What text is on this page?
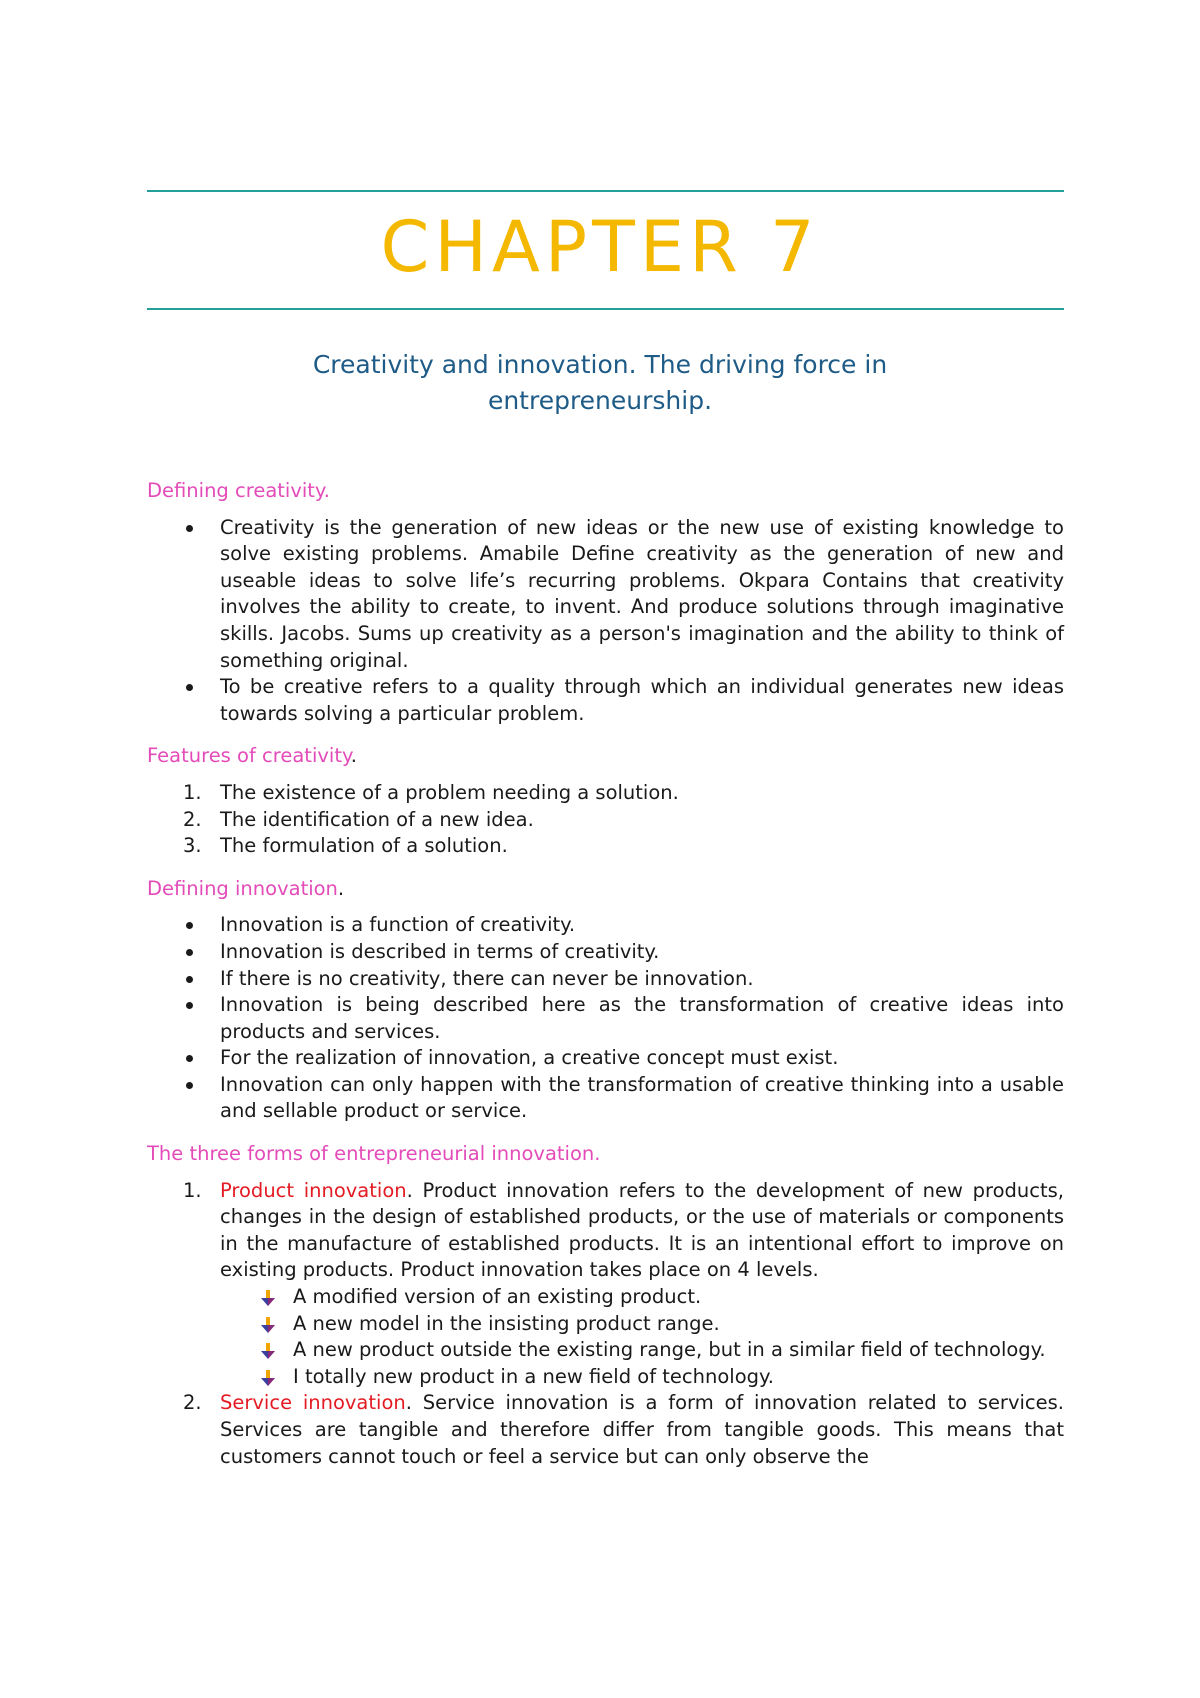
CHAPTER 7
Creativity and innovation. The driving force in
entrepreneurship.

Defining creativity.

Creativity is the generation of new ideas or the new use of existing knowledge to solve existing problems. Amabile Define creativity as the generation of new and useable ideas to solve life’s recurring problems. Okpara Contains that creativity involves the ability to create, to invent. And produce solutions through imaginative skills. Jacobs. Sums up creativity as a person's imagination and the ability to think of something original.
To be creative refers to a quality through which an individual generates new ideas towards solving a particular problem.

Features of creativity.

1. The existence of a problem needing a solution.
2. The identification of a new idea.
3. The formulation of a solution.

Defining innovation.

Innovation is a function of creativity.
Innovation is described in terms of creativity.
If there is no creativity, there can never be innovation.
Innovation is being described here as the transformation of creative ideas into products and services.
For the realization of innovation, a creative concept must exist.
Innovation can only happen with the transformation of creative thinking into a usable and sellable product or service.

The three forms of entrepreneurial innovation.

1. Product innovation. Product innovation refers to the development of new products, changes in the design of established products, or the use of materials or components in the manufacture of established products. It is an intentional effort to improve on existing products. Product innovation takes place on 4 levels.
A modified version of an existing product.
A new model in the insisting product range.
A new product outside the existing range, but in a similar field of technology.
I totally new product in a new field of technology.
2. Service innovation. Service innovation is a form of innovation related to services. Services are tangible and therefore differ from tangible goods. This means that customers cannot touch or feel a service but can only observe the
